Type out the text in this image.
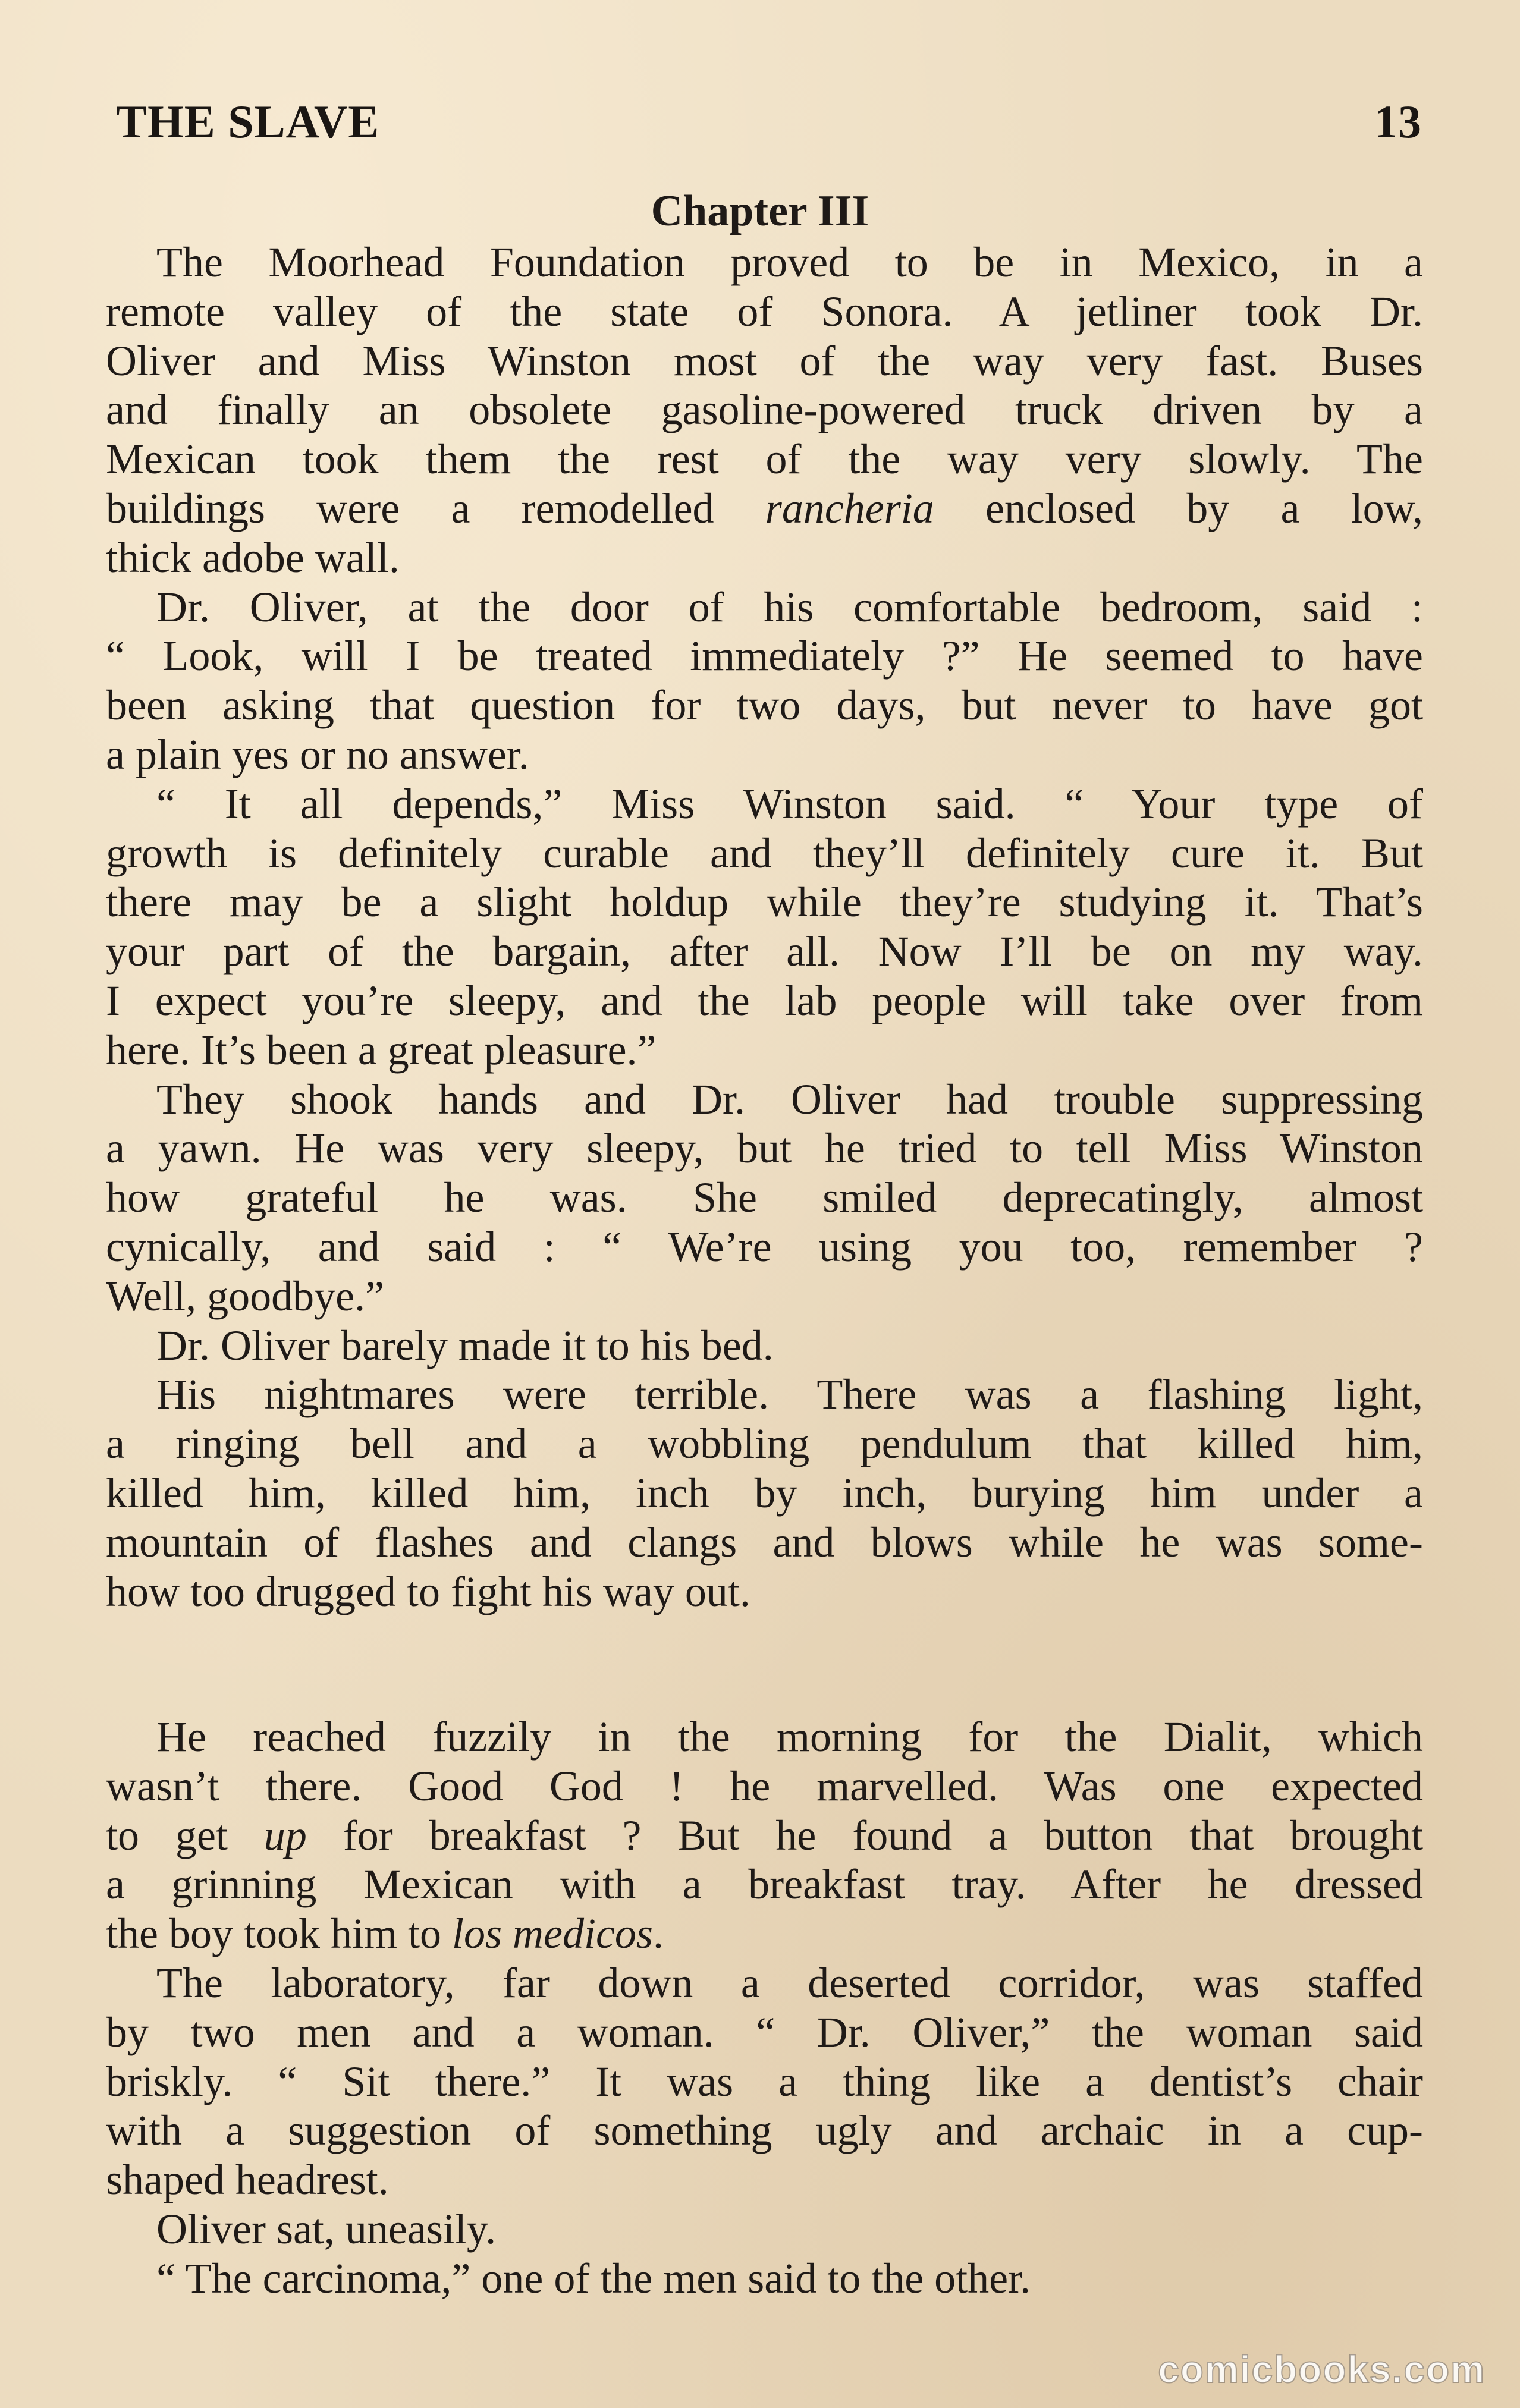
THE SLAVE	13
Chapter III
The Moorhead Foundation proved to be in Mexico, in a
remote valley of the state of Sonora. A jetliner took Dr.
Oliver and Miss Winston most of the way very fast. Buses
and finally an obsolete gasoline-powered truck driven by a
Mexican took them the rest of the way very slowly. The
buildings were a remodelled rancheria enclosed by a low,
thick adobe wall.
Dr. Oliver, at the door of his comfortable bedroom, said :
“ Look, will I be treated immediately ?” He seemed to have
been asking that question for two days, but never to have got
a plain yes or no answer.
“ It all depends,” Miss Winston said. “ Your type of
growth is definitely curable and they’ll definitely cure it. But
there may be a slight holdup while they’re studying it. That’s
your part of the bargain, after all. Now I’ll be on my way.
I expect you’re sleepy, and the lab people will take over from
here. It’s been a great pleasure.”
They shook hands and Dr. Oliver had trouble suppressing
a yawn. He was very sleepy, but he tried to tell Miss Winston
how grateful he was. She smiled deprecatingly, almost
cynically, and said : “ We’re using you too, remember ?
Well, goodbye.”
Dr. Oliver barely made it to his bed.
His nightmares were terrible. There was a flashing light,
a ringing bell and a wobbling pendulum that killed him,
killed him, killed him, inch by inch, burying him under a
mountain of flashes and clangs and blows while he was some-
how too drugged to fight his way out.
He reached fuzzily in the morning for the Dialit, which
wasn’t there. Good God ! he marvelled. Was one expected
to get up for breakfast ? But he found a button that brought
a grinning Mexican with a breakfast tray. After he dressed
the boy took him to los medicos.
The laboratory, far down a deserted corridor, was staffed
by two men and a woman. “ Dr. Oliver,” the woman said
briskly. “ Sit there.” It was a thing like a dentist’s chair
with a suggestion of something ugly and archaic in a cup-
shaped headrest.
Oliver sat, uneasily.
“ The carcinoma,” one of the men said to the other.
comicbooks.com
